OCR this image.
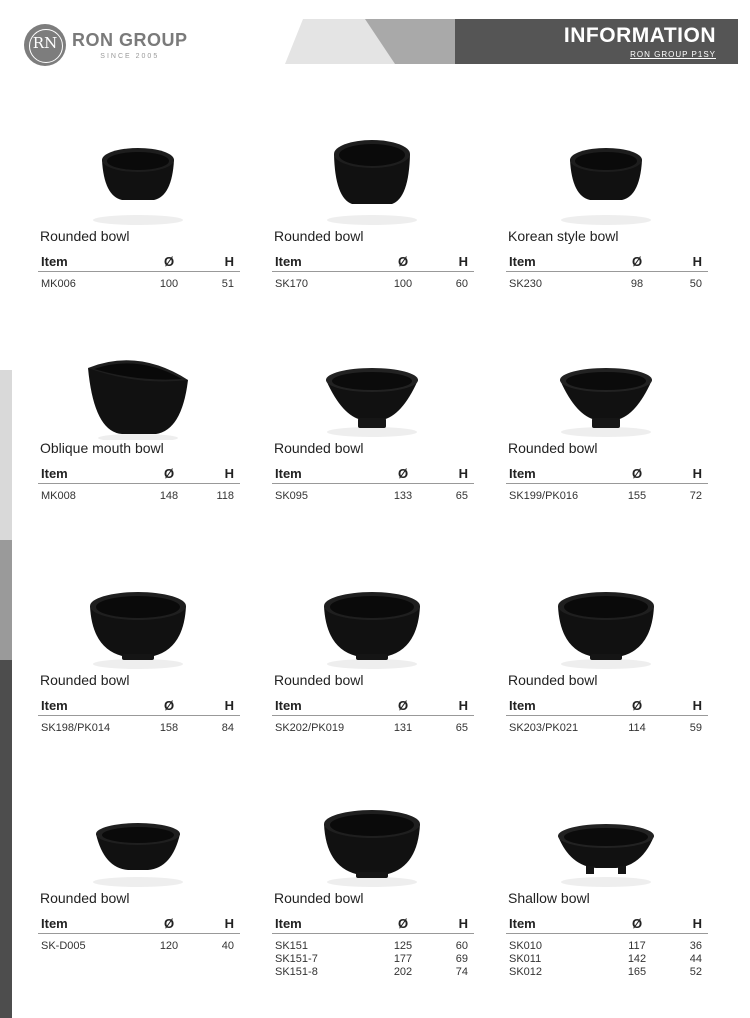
RN RON GROUP
SINCE 2005
INFORMATION
RON GROUP P1SY
Rounded bowl
Item	Ø	H
MK006	100	51
Rounded bowl
Item	Ø	H
SK170	100	60
Korean style bowl
Item	Ø	H
SK230	98	50
Oblique mouth bowl
Item	Ø	H
MK008	148	118
Rounded bowl
Item	Ø	H
SK095	133	65
Rounded bowl
Item	Ø	H
SK199/PK016	155	72
Rounded bowl
Item	Ø	H
SK198/PK014	158	84
Rounded bowl
Item	Ø	H
SK202/PK019	131	65
Rounded bowl
Item	Ø	H
SK203/PK021	114	59
Rounded bowl
Item	Ø	H
SK-D005	120	40
Rounded bowl
Item	Ø	H
SK151	125	60
SK151-7	177	69
SK151-8	202	74
Shallow bowl
Item	Ø	H
SK010	117	36
SK011	142	44
SK012	165	52
